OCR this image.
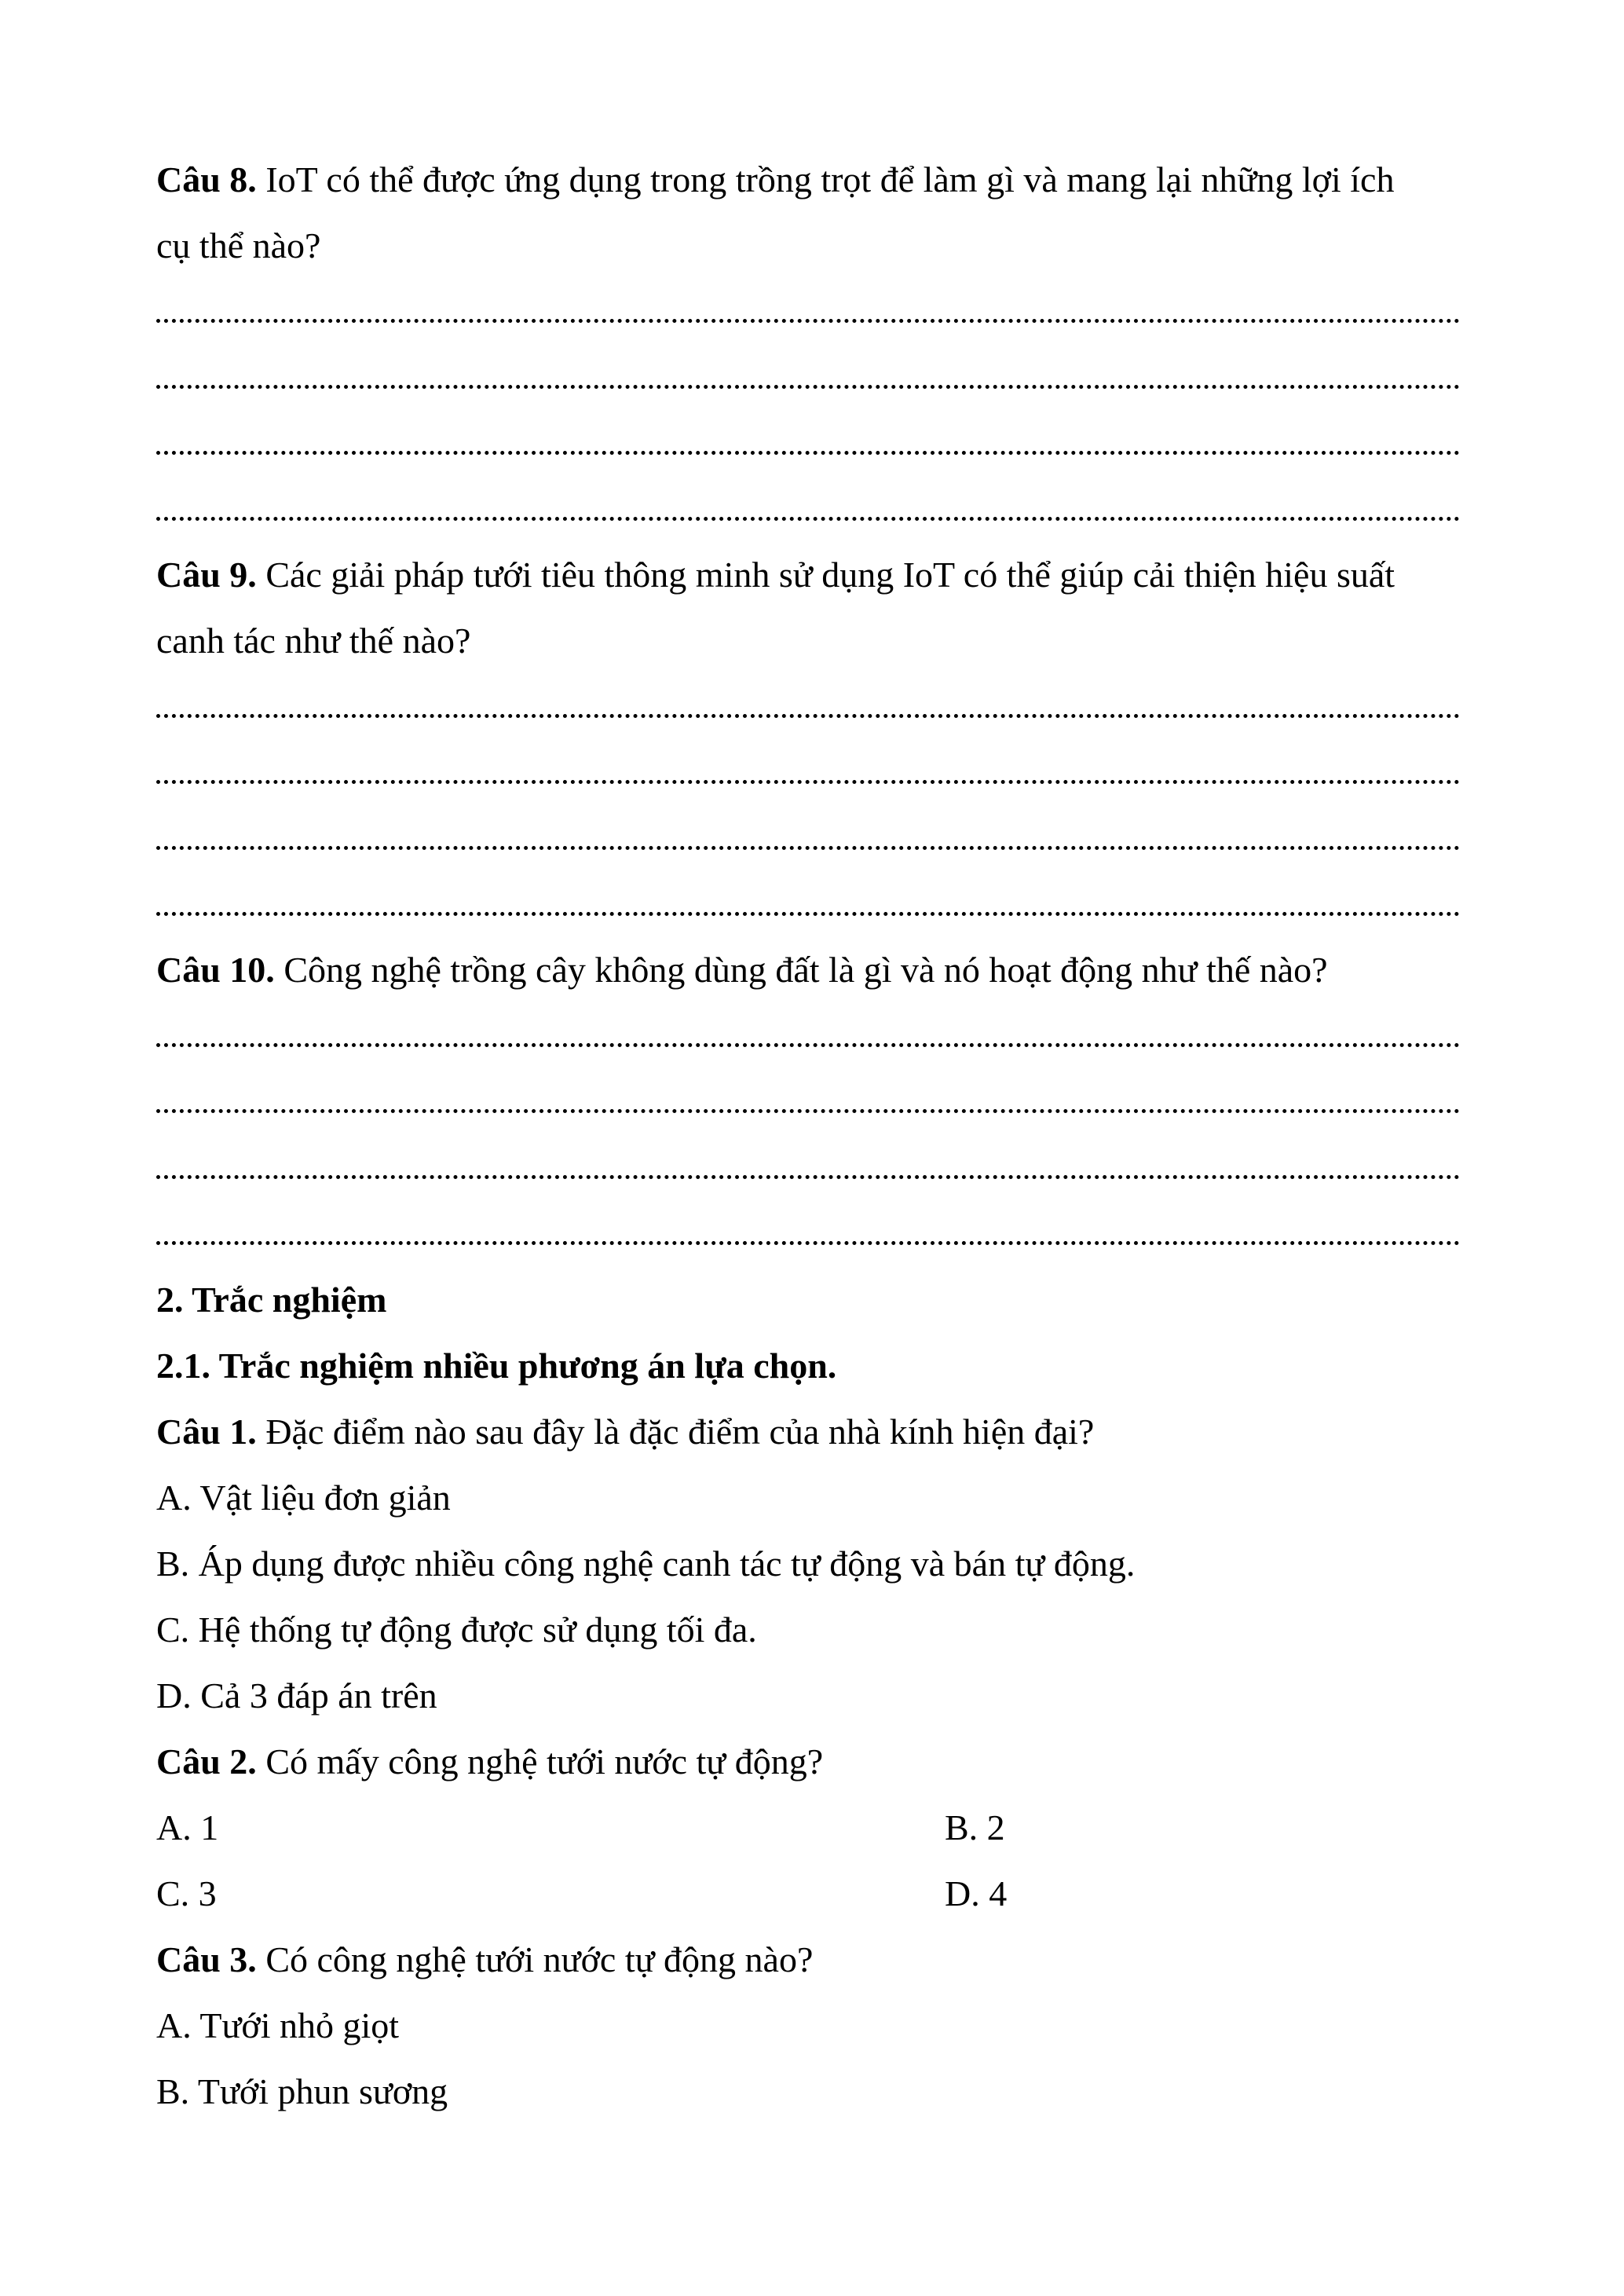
Câu 8. IoT có thể được ứng dụng trong trồng trọt để làm gì và mang lại những lợi ích
cụ thể nào?
Câu 9. Các giải pháp tưới tiêu thông minh sử dụng IoT có thể giúp cải thiện hiệu suất
canh tác như thế nào?
Câu 10. Công nghệ trồng cây không dùng đất là gì và nó hoạt động như thế nào?
2. Trắc nghiệm
2.1. Trắc nghiệm nhiều phương án lựa chọn.
Câu 1. Đặc điểm nào sau đây là đặc điểm của nhà kính hiện đại?
A. Vật liệu đơn giản
B. Áp dụng được nhiều công nghệ canh tác tự động và bán tự động.
C. Hệ thống tự động được sử dụng tối đa.
D. Cả 3 đáp án trên
Câu 2. Có mấy công nghệ tưới nước tự động?
A. 1	B. 2
C. 3	D. 4
Câu 3. Có công nghệ tưới nước tự động nào?
A. Tưới nhỏ giọt
B. Tưới phun sương
